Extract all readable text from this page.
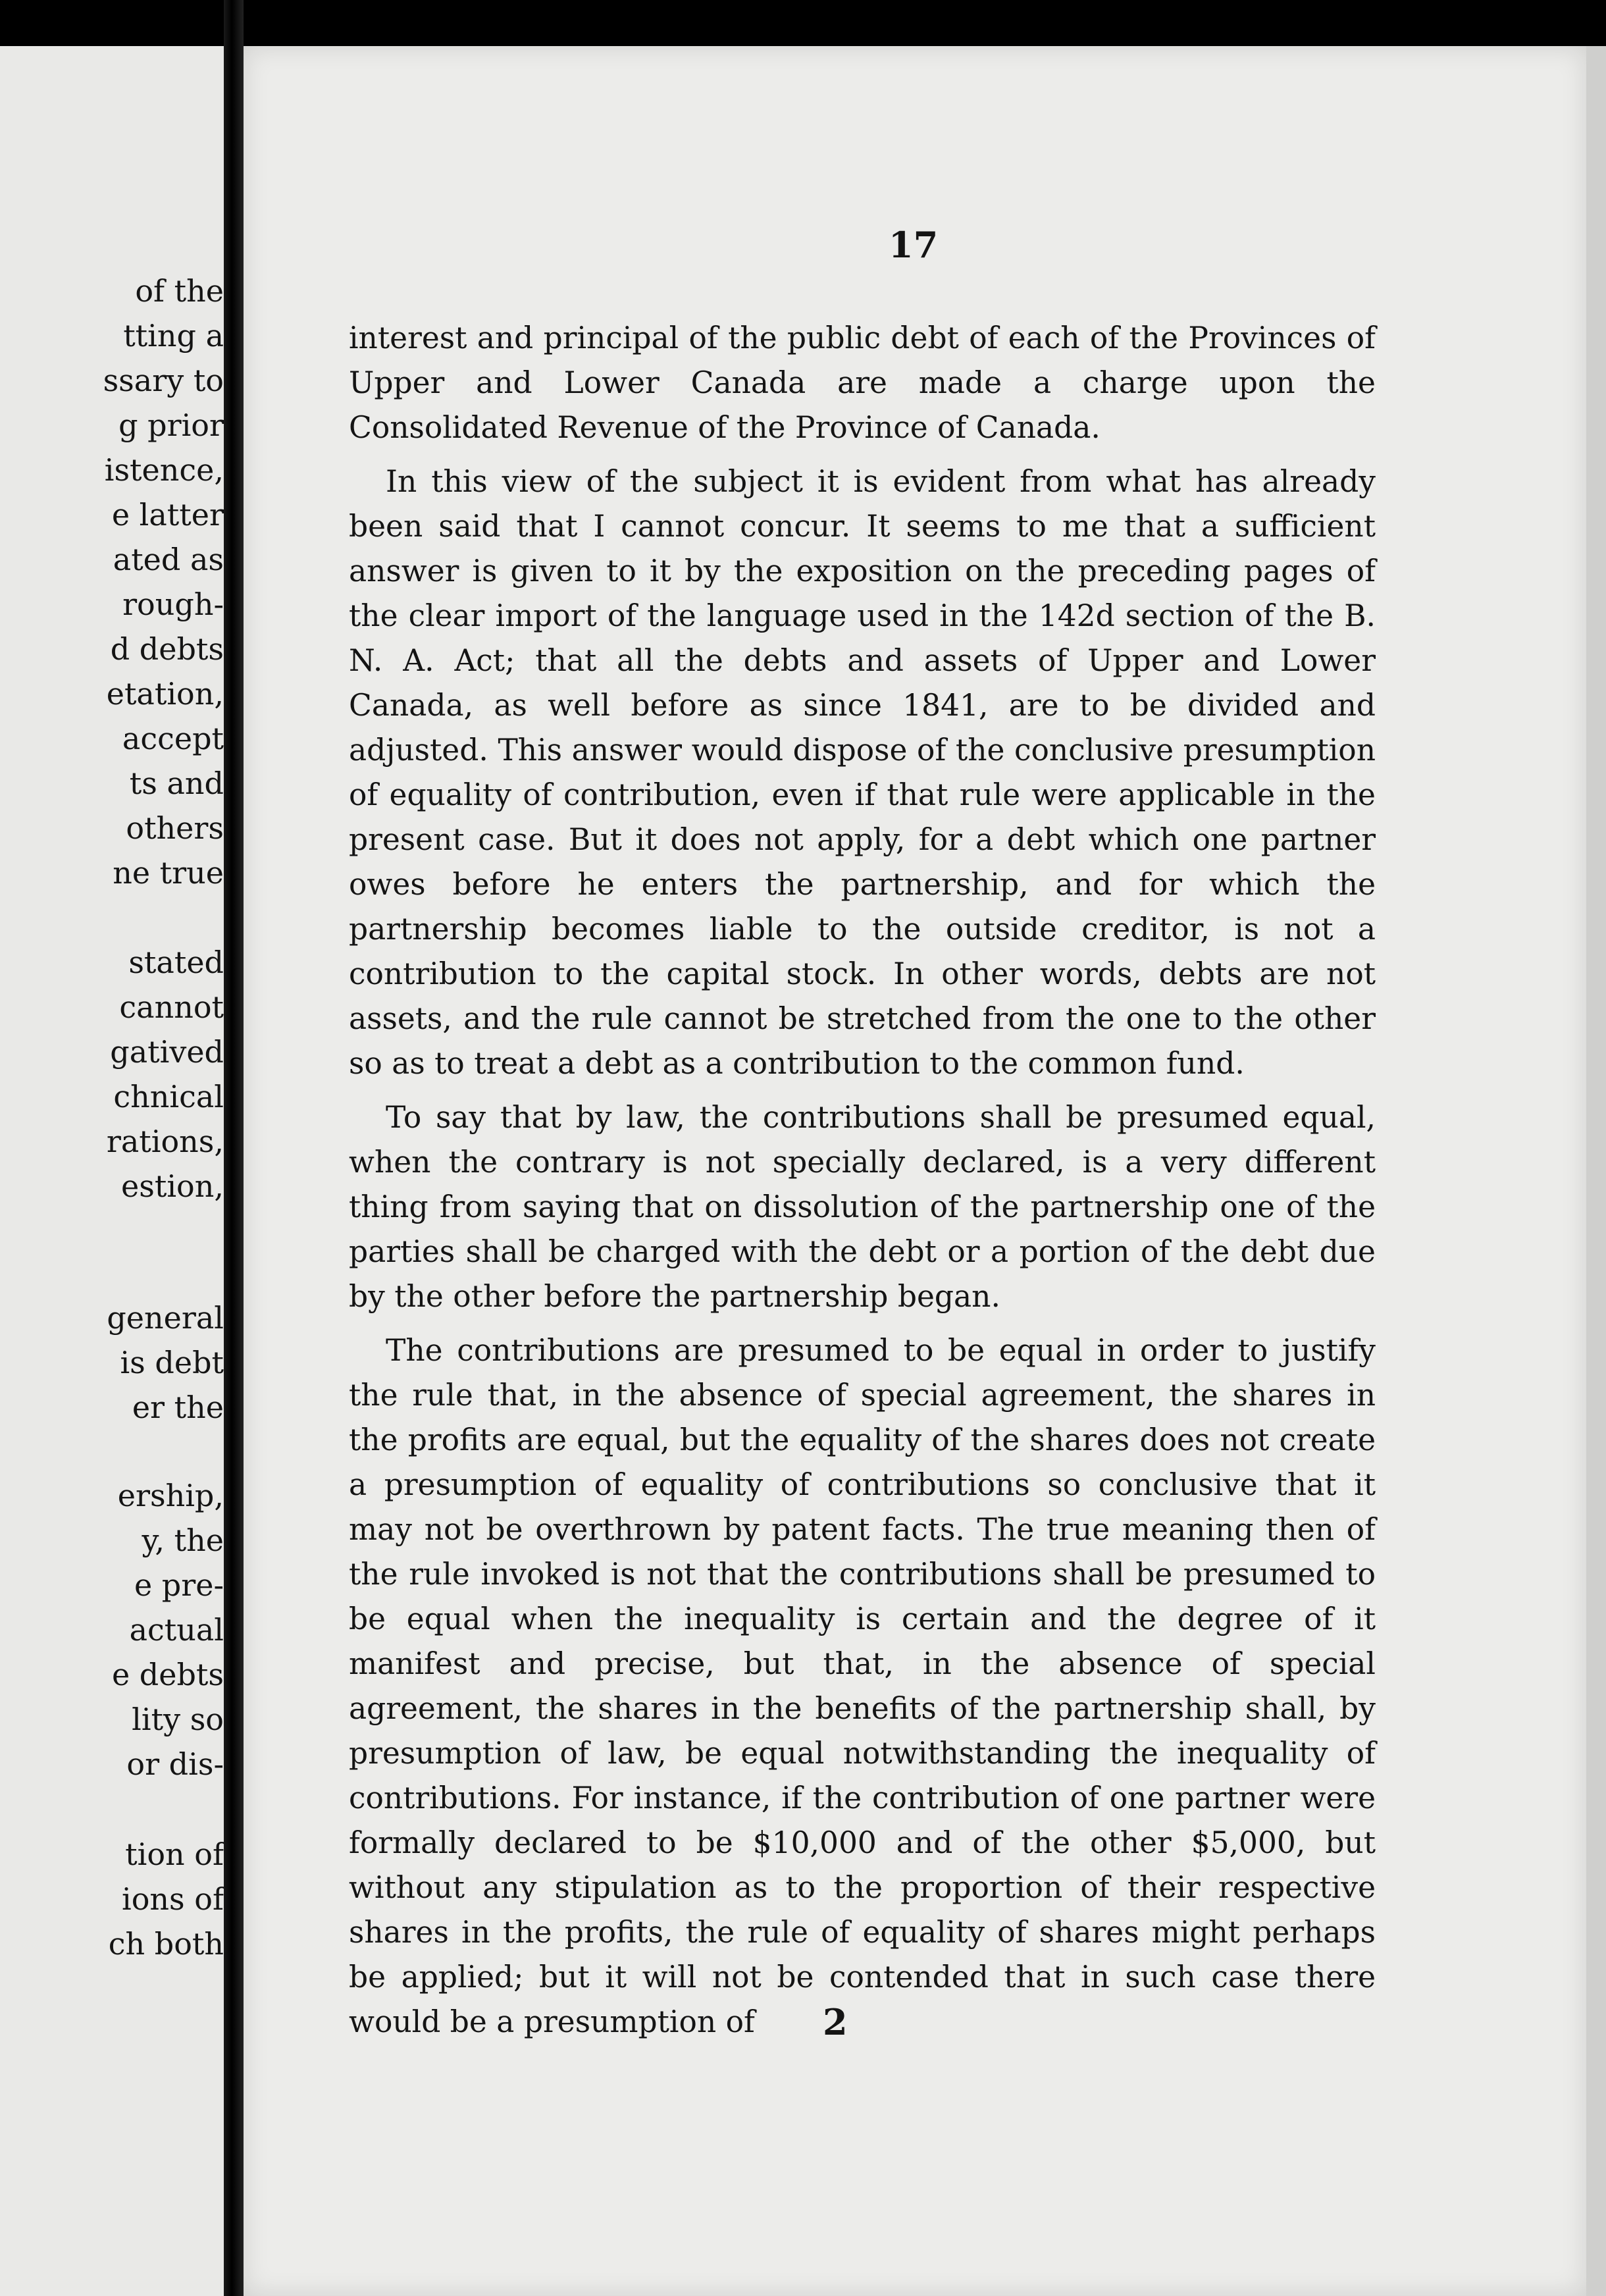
of the
tting a
ssary to
g prior
istence,
e latter
ated as
rough-
d debts
etation,
accept
ts and
others
ne true
stated
cannot
gatived
chnical
rations,
estion,
general
is debt
er the
ership,
y, the
e pre-
actual
e debts
lity so
or dis-
tion of
ions of
ch both
17

interest and principal of the public debt of each of the Provinces of Upper and Lower Canada are made a charge upon the Consolidated Revenue of the Province of Canada.

In this view of the subject it is evident from what has already been said that I cannot concur. It seems to me that a sufficient answer is given to it by the exposition on the preceding pages of the clear import of the language used in the 142d section of the B. N. A. Act; that all the debts and assets of Upper and Lower Canada, as well before as since 1841, are to be divided and adjusted. This answer would dispose of the conclusive presumption of equality of contribution, even if that rule were applicable in the present case. But it does not apply, for a debt which one partner owes before he enters the partnership, and for which the partnership becomes liable to the outside creditor, is not a contribution to the capital stock. In other words, debts are not assets, and the rule cannot be stretched from the one to the other so as to treat a debt as a contribution to the common fund.

To say that by law, the contributions shall be presumed equal, when the contrary is not specially declared, is a very different thing from saying that on dissolution of the partnership one of the parties shall be charged with the debt or a portion of the debt due by the other before the partnership began.

The contributions are presumed to be equal in order to justify the rule that, in the absence of special agreement, the shares in the profits are equal, but the equality of the shares does not create a presumption of equality of contributions so conclusive that it may not be overthrown by patent facts. The true meaning then of the rule invoked is not that the contributions shall be presumed to be equal when the inequality is certain and the degree of it manifest and precise, but that, in the absence of special agreement, the shares in the benefits of the partnership shall, by presumption of law, be equal notwithstanding the inequality of contributions. For instance, if the contribution of one partner were formally declared to be $10,000 and of the other $5,000, but without any stipulation as to the proportion of their respective shares in the profits, the rule of equality of shares might perhaps be applied; but it will not be contended that in such case there would be a presumption of	2
